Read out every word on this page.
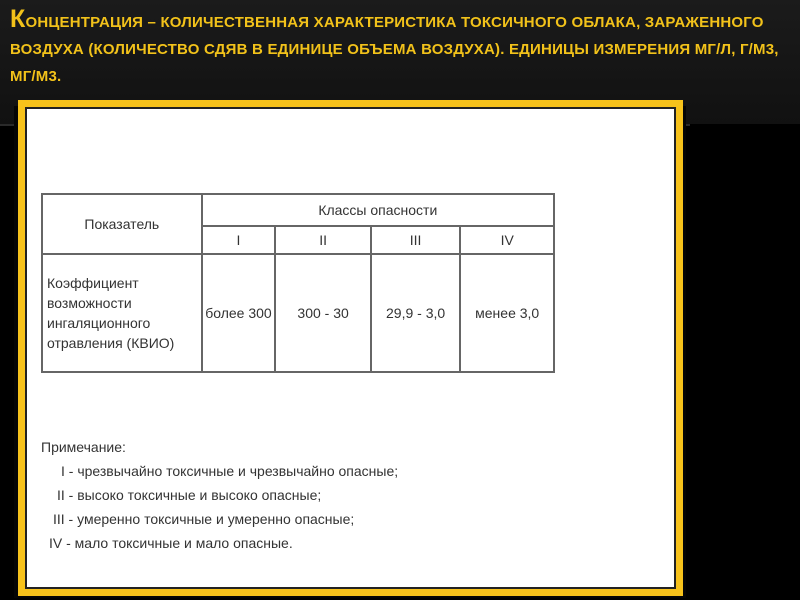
КОНЦЕНТРАЦИЯ – КОЛИЧЕСТВЕННАЯ ХАРАКТЕРИСТИКА ТОКСИЧНОГО ОБЛАКА, ЗАРАЖЕННОГО ВОЗДУХА (КОЛИЧЕСТВО СДЯВ В ЕДИНИЦЕ ОБЪЕМА ВОЗДУХА). ЕДИНИЦЫ ИЗМЕРЕНИЯ МГ/Л, Г/М3, МГ/М3.
Показатель	Классы опасности			
	I	II	III	IV
Коэффициент возможности ингаляционного отравления (КВИО)	более 300	300 - 30	29,9 - 3,0	менее 3,0
Примечание:
I - чрезвычайно токсичные и чрезвычайно опасные;
II - высоко токсичные и высоко опасные;
III - умеренно токсичные и умеренно опасные;
IV - мало токсичные и мало опасные.
